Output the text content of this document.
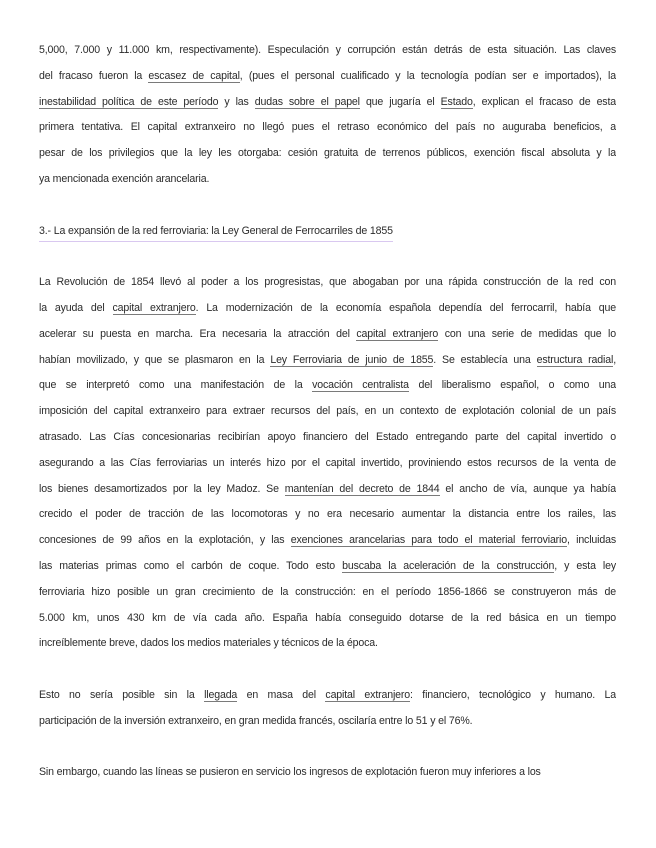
5,000, 7.000 y 11.000 km, respectivamente). Especulación y corrupción están detrás de esta situación. Las claves
del fracaso fueron la escasez de capital, (pues el personal cualificado y la tecnología podían ser e importados), la
inestabilidad política de este período y las dudas sobre el papel que jugaría el Estado, explican el fracaso de esta
primera tentativa. El capital extranxeiro no llegó pues el retraso económico del país no auguraba beneficios, a
pesar de los privilegios que la ley les otorgaba: cesión gratuita de terrenos públicos, exención fiscal absoluta y la
ya mencionada exención arancelaria.
3.- La expansión de la red ferroviaria: la Ley General de Ferrocarriles de 1855
La Revolución de 1854 llevó al poder a los progresistas, que abogaban por una rápida construcción de la red con
la ayuda del capital extranjero. La modernización de la economía española dependía del ferrocarril, había que
acelerar su puesta en marcha. Era necesaria la atracción del capital extranjero con una serie de medidas que lo
habían movilizado, y que se plasmaron en la Ley Ferroviaria de junio de 1855. Se establecía una estructura radial,
que se interpretó como una manifestación de la vocación centralista del liberalismo español, o como una
imposición del capital extranxeiro para extraer recursos del país, en un contexto de explotación colonial de un país
atrasado. Las Cías concesionarias recibirían apoyo financiero del Estado entregando parte del capital invertido o
asegurando a las Cías ferroviarias un interés hizo por el capital invertido, proviniendo estos recursos de la venta de
los bienes desamortizados por la ley Madoz. Se mantenían del decreto de 1844 el ancho de vía, aunque ya había
crecido el poder de tracción de las locomotoras y no era necesario aumentar la distancia entre los railes, las
concesiones de 99 años en la explotación, y las exenciones arancelarias para todo el material ferroviario, incluidas
las materias primas como el carbón de coque. Todo esto buscaba la aceleración de la construcción, y esta ley
ferroviaria hizo posible un gran crecimiento de la construcción: en el período 1856-1866 se construyeron más de
5.000 km, unos 430 km de vía cada año. España había conseguido dotarse de la red básica en un tiempo
increíblemente breve, dados los medios materiales y técnicos de la época.
Esto no sería posible sin la llegada en masa del capital extranjero: financiero, tecnológico y humano. La
participación de la inversión extranxeiro, en gran medida francés, oscilaría entre lo 51 y el 76%.
Sin embargo, cuando las líneas se pusieron en servicio los ingresos de explotación fueron muy inferiores a los
